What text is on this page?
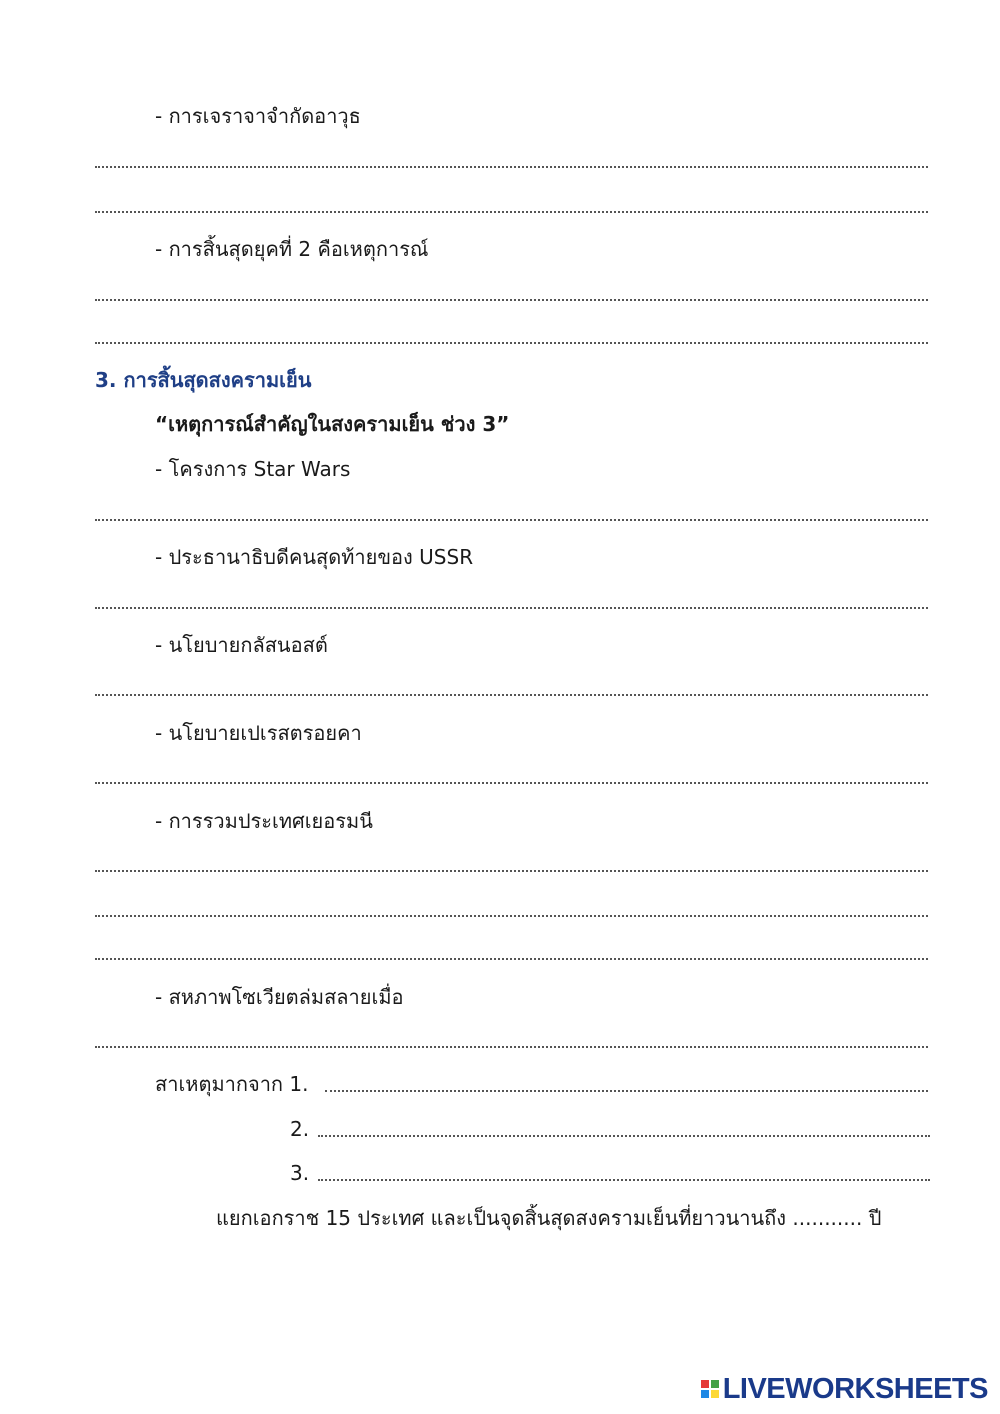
- การเจราจาจำกัดอาวุธ
- การสิ้นสุดยุคที่ 2 คือเหตุการณ์
3. การสิ้นสุดสงครามเย็น
“เหตุการณ์สำคัญในสงครามเย็น ช่วง 3”
- โครงการ Star Wars
- ประธานาธิบดีคนสุดท้ายของ USSR
- นโยบายกลัสนอสต์
- นโยบายเปเรสตรอยคา
- การรวมประเทศเยอรมนี
- สหภาพโซเวียตล่มสลายเมื่อ
สาเหตุมากจาก 1.
2.
3.
แยกเอกราช 15 ประเทศ และเป็นจุดสิ้นสุดสงครามเย็นที่ยาวนานถึง ........... ปี
LIVEWORKSHEETS
